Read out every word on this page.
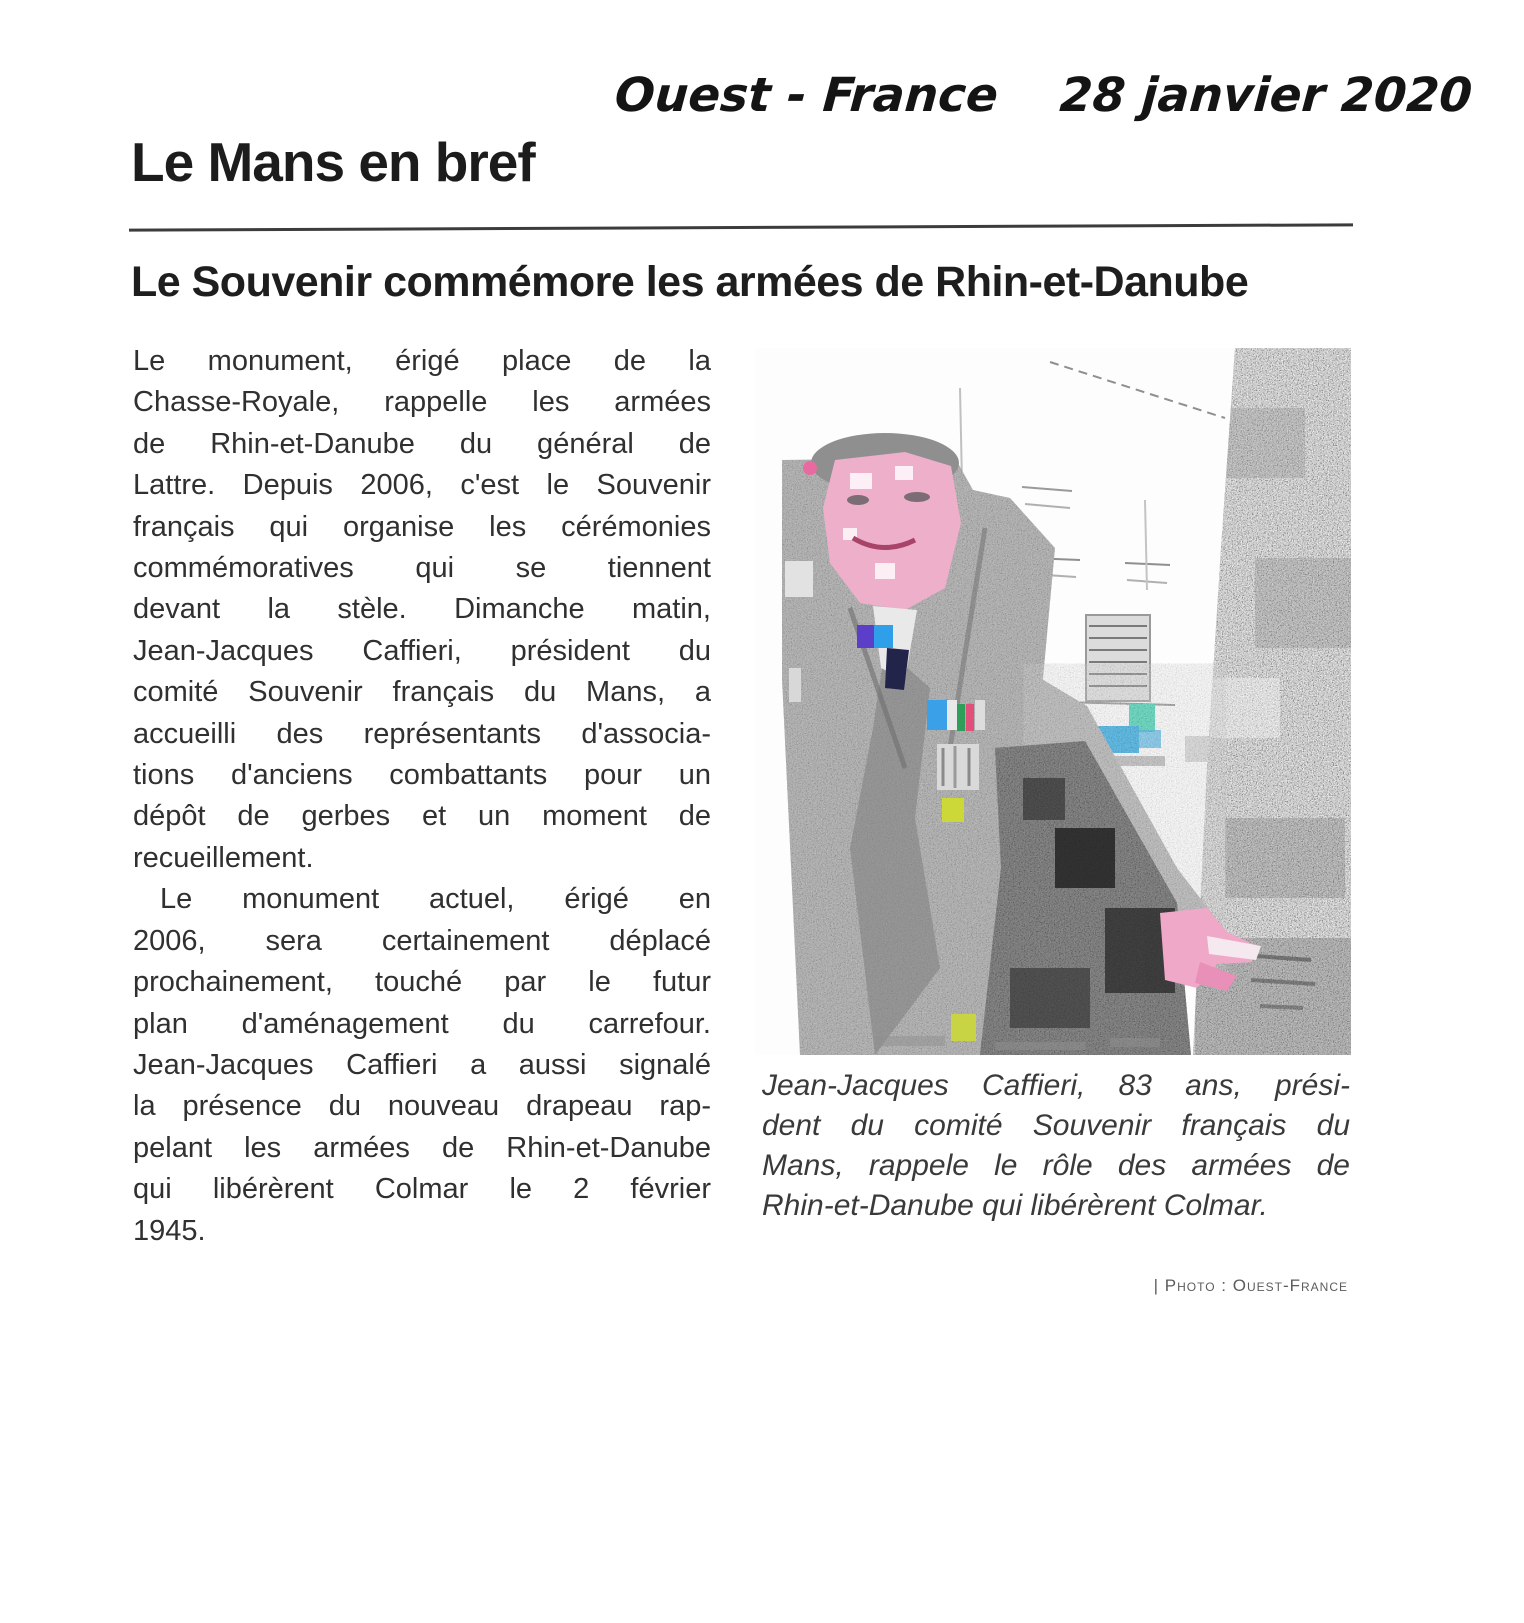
Ouest - France 28 janvier 2020
Le Mans en bref
Le Souvenir commémore les armées de Rhin-et-Danube
Le monument, érigé place de la
Chasse-Royale, rappelle les armées
de Rhin-et-Danube du général de
Lattre. Depuis 2006, c'est le Souvenir
français qui organise les cérémonies
commémoratives qui se tiennent
devant la stèle. Dimanche matin,
Jean-Jacques Caffieri, président du
comité Souvenir français du Mans, a
accueilli des représentants d'associa-
tions d'anciens combattants pour un
dépôt de gerbes et un moment de
recueillement.
Le monument actuel, érigé en
2006, sera certainement déplacé
prochainement, touché par le futur
plan d'aménagement du carrefour.
Jean-Jacques Caffieri a aussi signalé
la présence du nouveau drapeau rap-
pelant les armées de Rhin-et-Danube
qui libérèrent Colmar le 2 février
1945.
Jean-Jacques Caffieri, 83 ans, prési-
dent du comité Souvenir français du
Mans, rappele le rôle des armées de
Rhin-et-Danube qui libérèrent Colmar.
| Photo : Ouest-France
